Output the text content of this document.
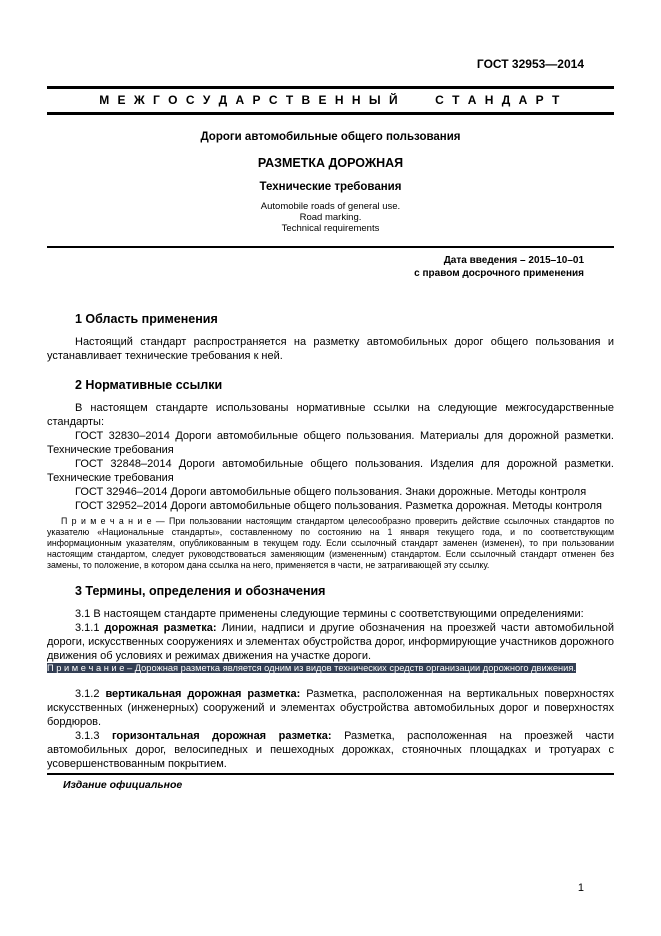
ГОСТ 32953—2014
М Е Ж Г О С У Д А Р С Т В Е Н Н Ы Й      С Т А Н Д А Р Т
Дороги автомобильные общего пользования
РАЗМЕТКА ДОРОЖНАЯ
Технические требования
Automobile roads of general use.
Road marking.
Technical requirements
Дата введения – 2015–10–01
с правом досрочного применения
1 Область применения

Настоящий стандарт распространяется на разметку автомобильных дорог общего пользования и устанавливает технические требования к ней.

2 Нормативные ссылки

В настоящем стандарте использованы нормативные ссылки на следующие межгосударственные стандарты:

ГОСТ 32830–2014 Дороги автомобильные общего пользования. Материалы для дорожной разметки. Технические требования

ГОСТ 32848–2014 Дороги автомобильные общего пользования. Изделия для дорожной разметки. Технические требования

ГОСТ 32946–2014 Дороги автомобильные общего пользования. Знаки дорожные. Методы контроля

ГОСТ 32952–2014 Дороги автомобильные общего пользования. Разметка дорожная. Методы контроля

П р и м е ч а н и е — При пользовании настоящим стандартом целесообразно проверить действие ссылочных стандартов по указателю «Национальные стандарты», составленному по состоянию на 1 января текущего года, и по соответствующим информационным указателям, опубликованным в текущем году. Если ссылочный стандарт заменен (изменен), то при пользовании настоящим стандартом, следует руководствоваться заменяющим (измененным) стандартом. Если ссылочный стандарт отменен без замены, то положение, в котором дана ссылка на него, применяется в части, не затрагивающей эту ссылку.

3 Термины, определения и обозначения

3.1 В настоящем стандарте применены следующие термины с соответствующими определениями:

3.1.1 дорожная разметка: Линии, надписи и другие обозначения на проезжей части автомобильной дороги, искусственных сооружениях и элементах обустройства дорог, информирующие участников дорожного движения об условиях и режимах движения на участке дороги.

П р и м е ч а н и е – Дорожная разметка является одним из видов технических средств организации дорожного движения.

3.1.2 вертикальная дорожная разметка: Разметка, расположенная на вертикальных поверхностях искусственных (инженерных) сооружений и элементах обустройства автомобильных дорог и поверхностях бордюров.

3.1.3 горизонтальная дорожная разметка: Разметка, расположенная на проезжей части автомобильных дорог, велосипедных и пешеходных дорожках, стояночных площадках и тротуарах с усовершенствованным покрытием.

Издание официальное
1
